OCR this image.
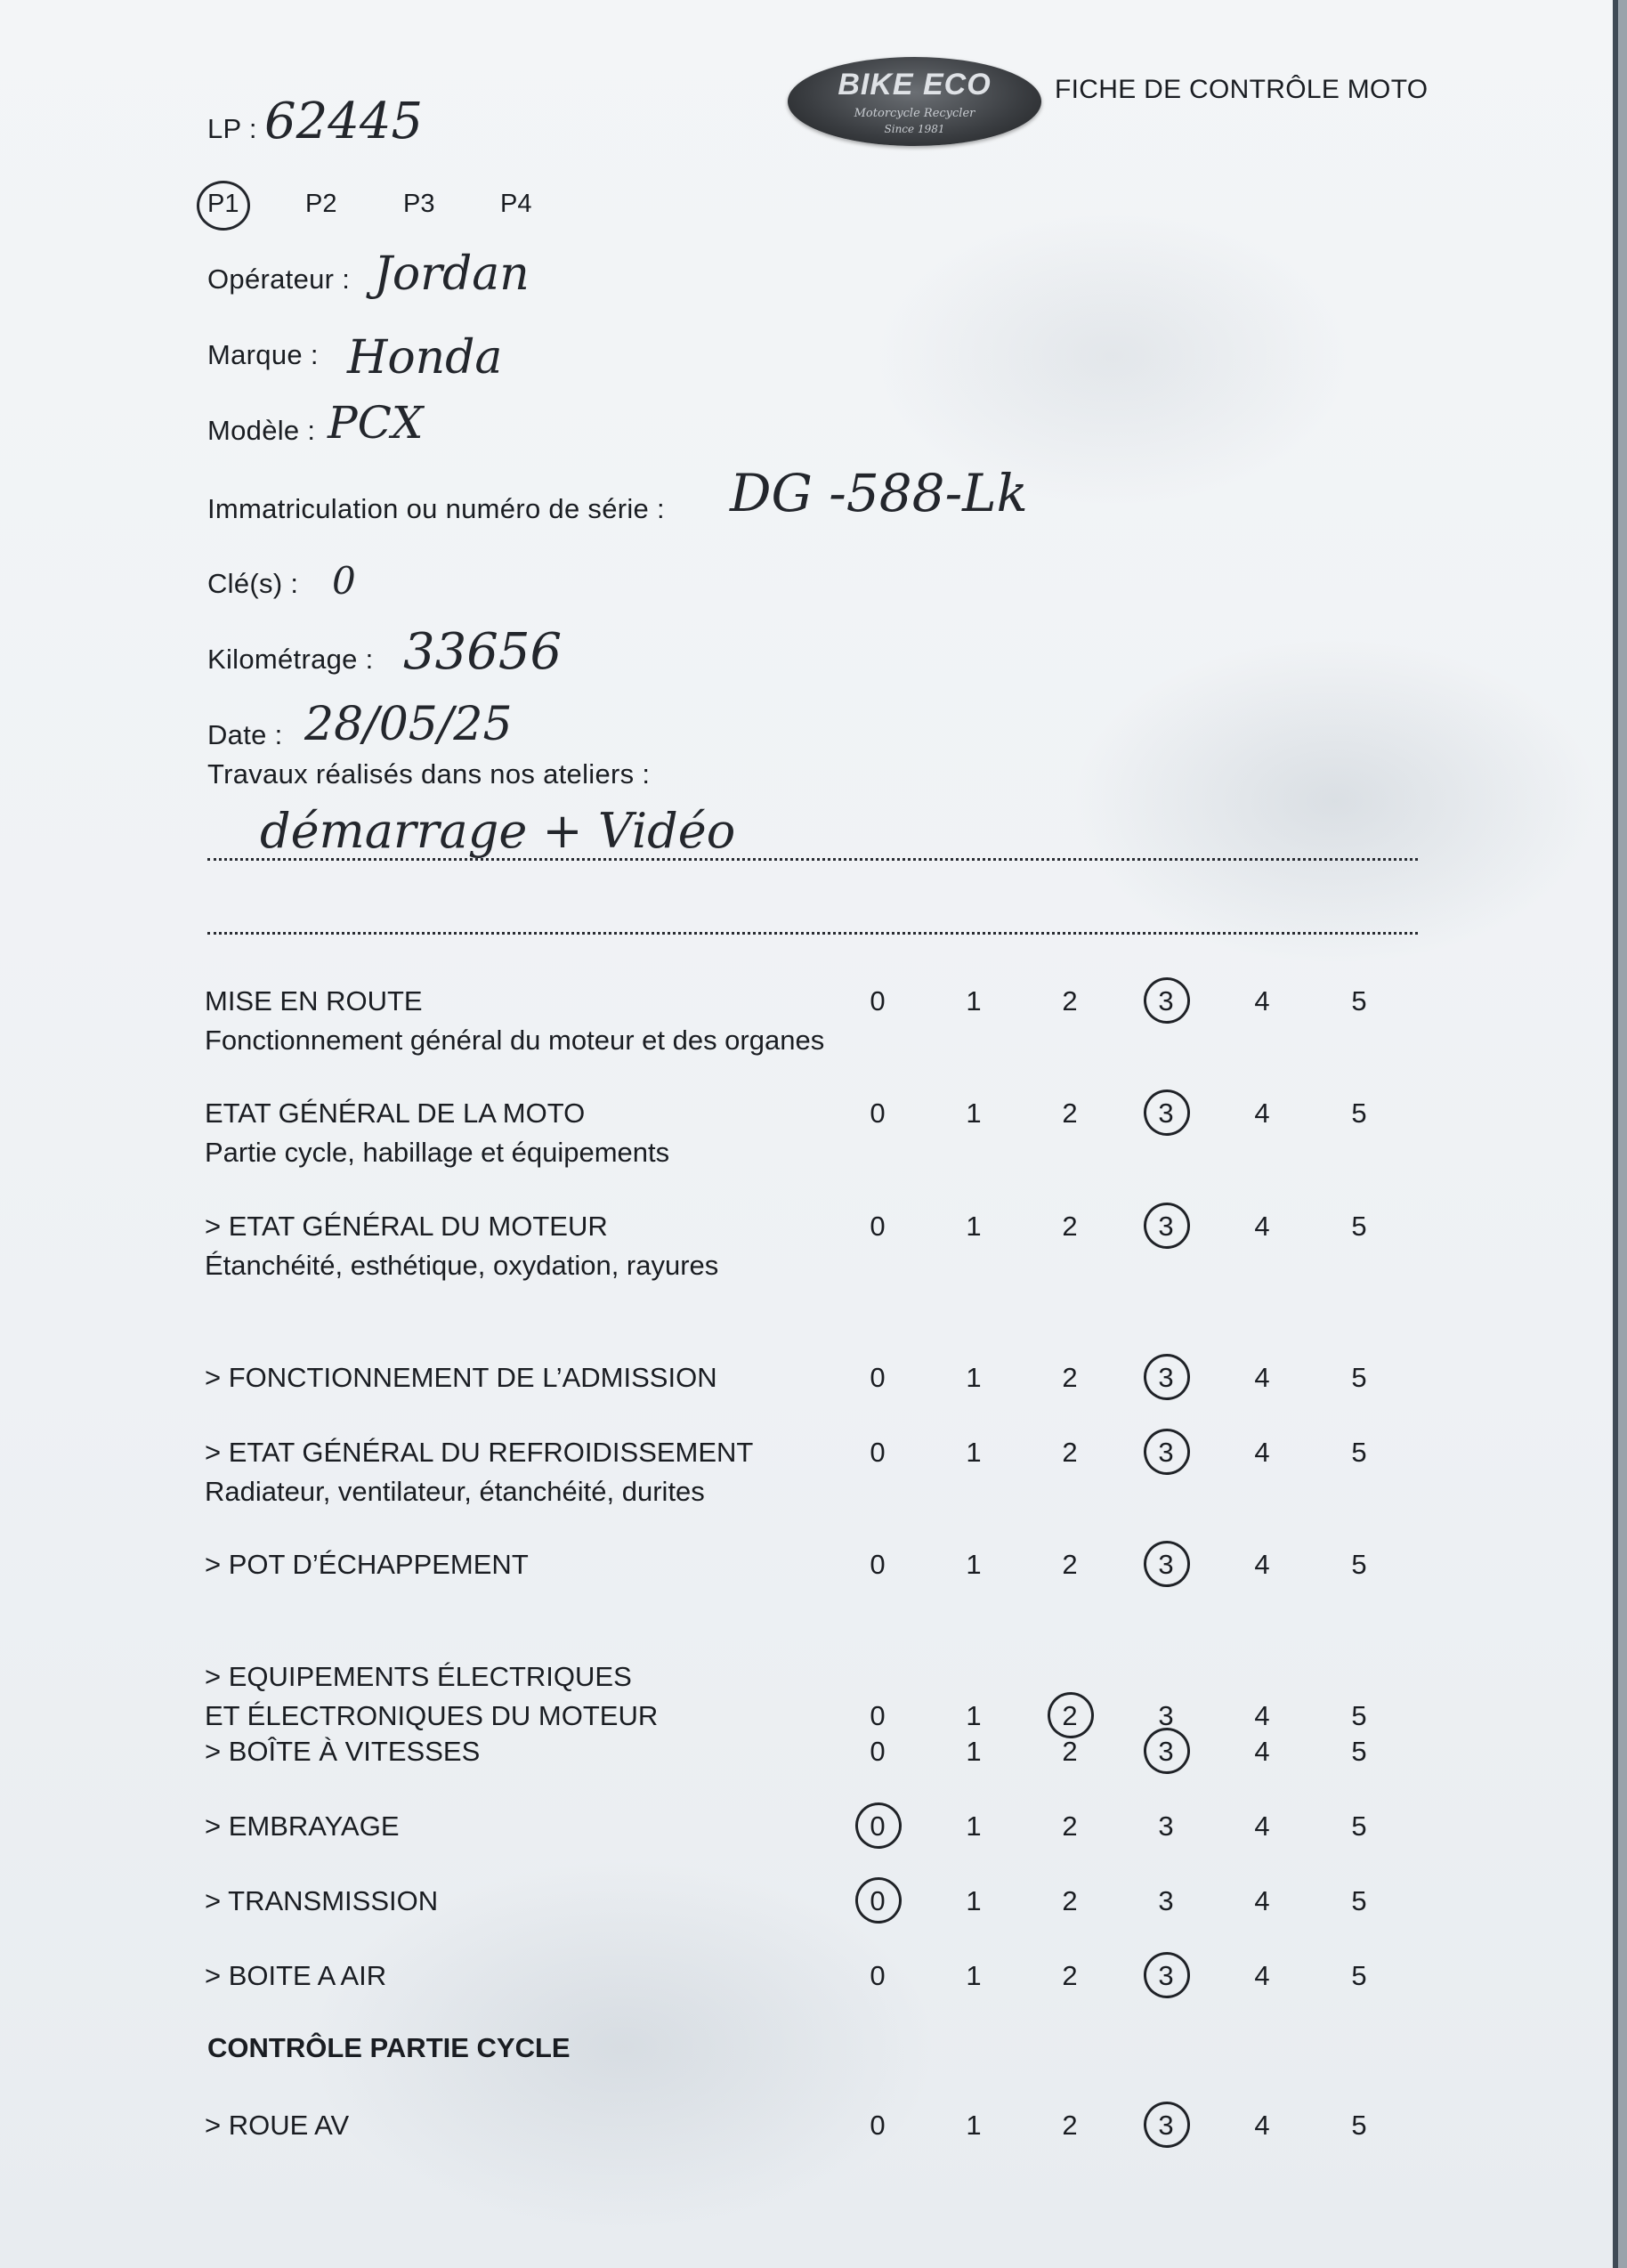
BIKE ECO
Motorcycle Recycler
Since 1981
FICHE DE CONTRÔLE MOTO
LP : 62445
P1	P2	P3	P4
Opérateur : Jordan
Marque : Honda
Modèle : PCX
Immatriculation ou numéro de série : DG -588-Lk
Clé(s) : 0
Kilométrage : 33656
Date : 28/05/25
Travaux réalisés dans nos ateliers :
démarrage + Vidéo
MISE EN ROUTE
Fonctionnement général du moteur et des organes
0	1	2	3	4	5
ETAT GÉNÉRAL DE LA MOTO
Partie cycle, habillage et équipements
0	1	2	3	4	5
> ETAT GÉNÉRAL DU MOTEUR
Étanchéité, esthétique, oxydation, rayures
0	1	2	3	4	5
> FONCTIONNEMENT DE L’ADMISSION	0	1	2	3	4	5
> ETAT GÉNÉRAL DU REFROIDISSEMENT
Radiateur, ventilateur, étanchéité, durites
0	1	2	3	4	5
> POT D’ÉCHAPPEMENT	0	1	2	3	4	5
> EQUIPEMENTS ÉLECTRIQUES
ET ÉLECTRONIQUES DU MOTEUR	0	1	2	3	4	5
> BOÎTE À VITESSES	0	1	2	3	4	5
> EMBRAYAGE	0	1	2	3	4	5
> TRANSMISSION	0	1	2	3	4	5
> BOITE A AIR	0	1	2	3	4	5
CONTRÔLE PARTIE CYCLE
> ROUE AV	0	1	2	3	4	5
